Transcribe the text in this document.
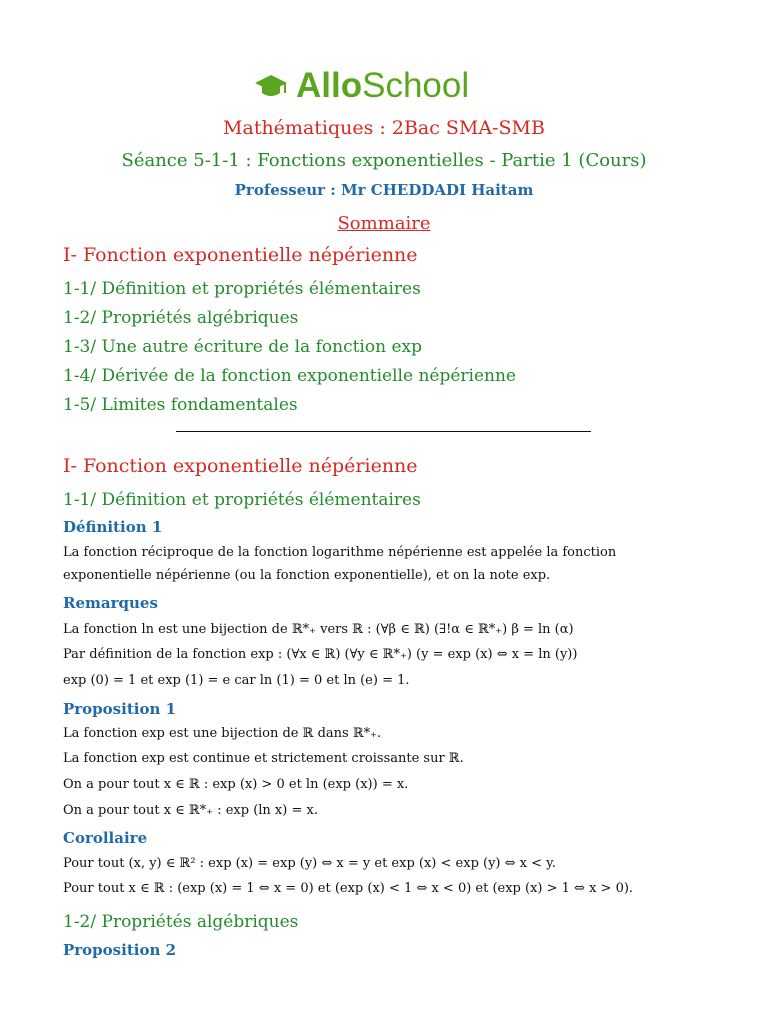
AlloSchool
Mathématiques : 2Bac SMA-SMB
Séance 5-1-1 : Fonctions exponentielles - Partie 1 (Cours)
Professeur : Mr CHEDDADI Haitam
Sommaire
I- Fonction exponentielle népérienne
1-1/ Définition et propriétés élémentaires
1-2/ Propriétés algébriques
1-3/ Une autre écriture de la fonction exp
1-4/ Dérivée de la fonction exponentielle népérienne
1-5/ Limites fondamentales
I- Fonction exponentielle népérienne
1-1/ Définition et propriétés élémentaires
Définition 1
La fonction réciproque de la fonction logarithme népérienne est appelée la fonction
exponentielle népérienne (ou la fonction exponentielle), et on la note exp.
Remarques
La fonction ln est une bijection de ℝ*₊ vers ℝ : (∀β ∈ ℝ) (∃!α ∈ ℝ*₊) β = ln (α)
Par définition de la fonction exp : (∀x ∈ ℝ) (∀y ∈ ℝ*₊) (y = exp (x) ⇔ x = ln (y))
exp (0) = 1 et exp (1) = e car ln (1) = 0 et ln (e) = 1.
Proposition 1
La fonction exp est une bijection de ℝ dans ℝ*₊.
La fonction exp est continue et strictement croissante sur ℝ.
On a pour tout x ∈ ℝ : exp (x) > 0 et ln (exp (x)) = x.
On a pour tout x ∈ ℝ*₊ : exp (ln x) = x.
Corollaire
Pour tout (x, y) ∈ ℝ² : exp (x) = exp (y) ⇔ x = y et exp (x) < exp (y) ⇔ x < y.
Pour tout x ∈ ℝ : (exp (x) = 1 ⇔ x = 0) et (exp (x) < 1 ⇔ x < 0) et (exp (x) > 1 ⇔ x > 0).
1-2/ Propriétés algébriques
Proposition 2
